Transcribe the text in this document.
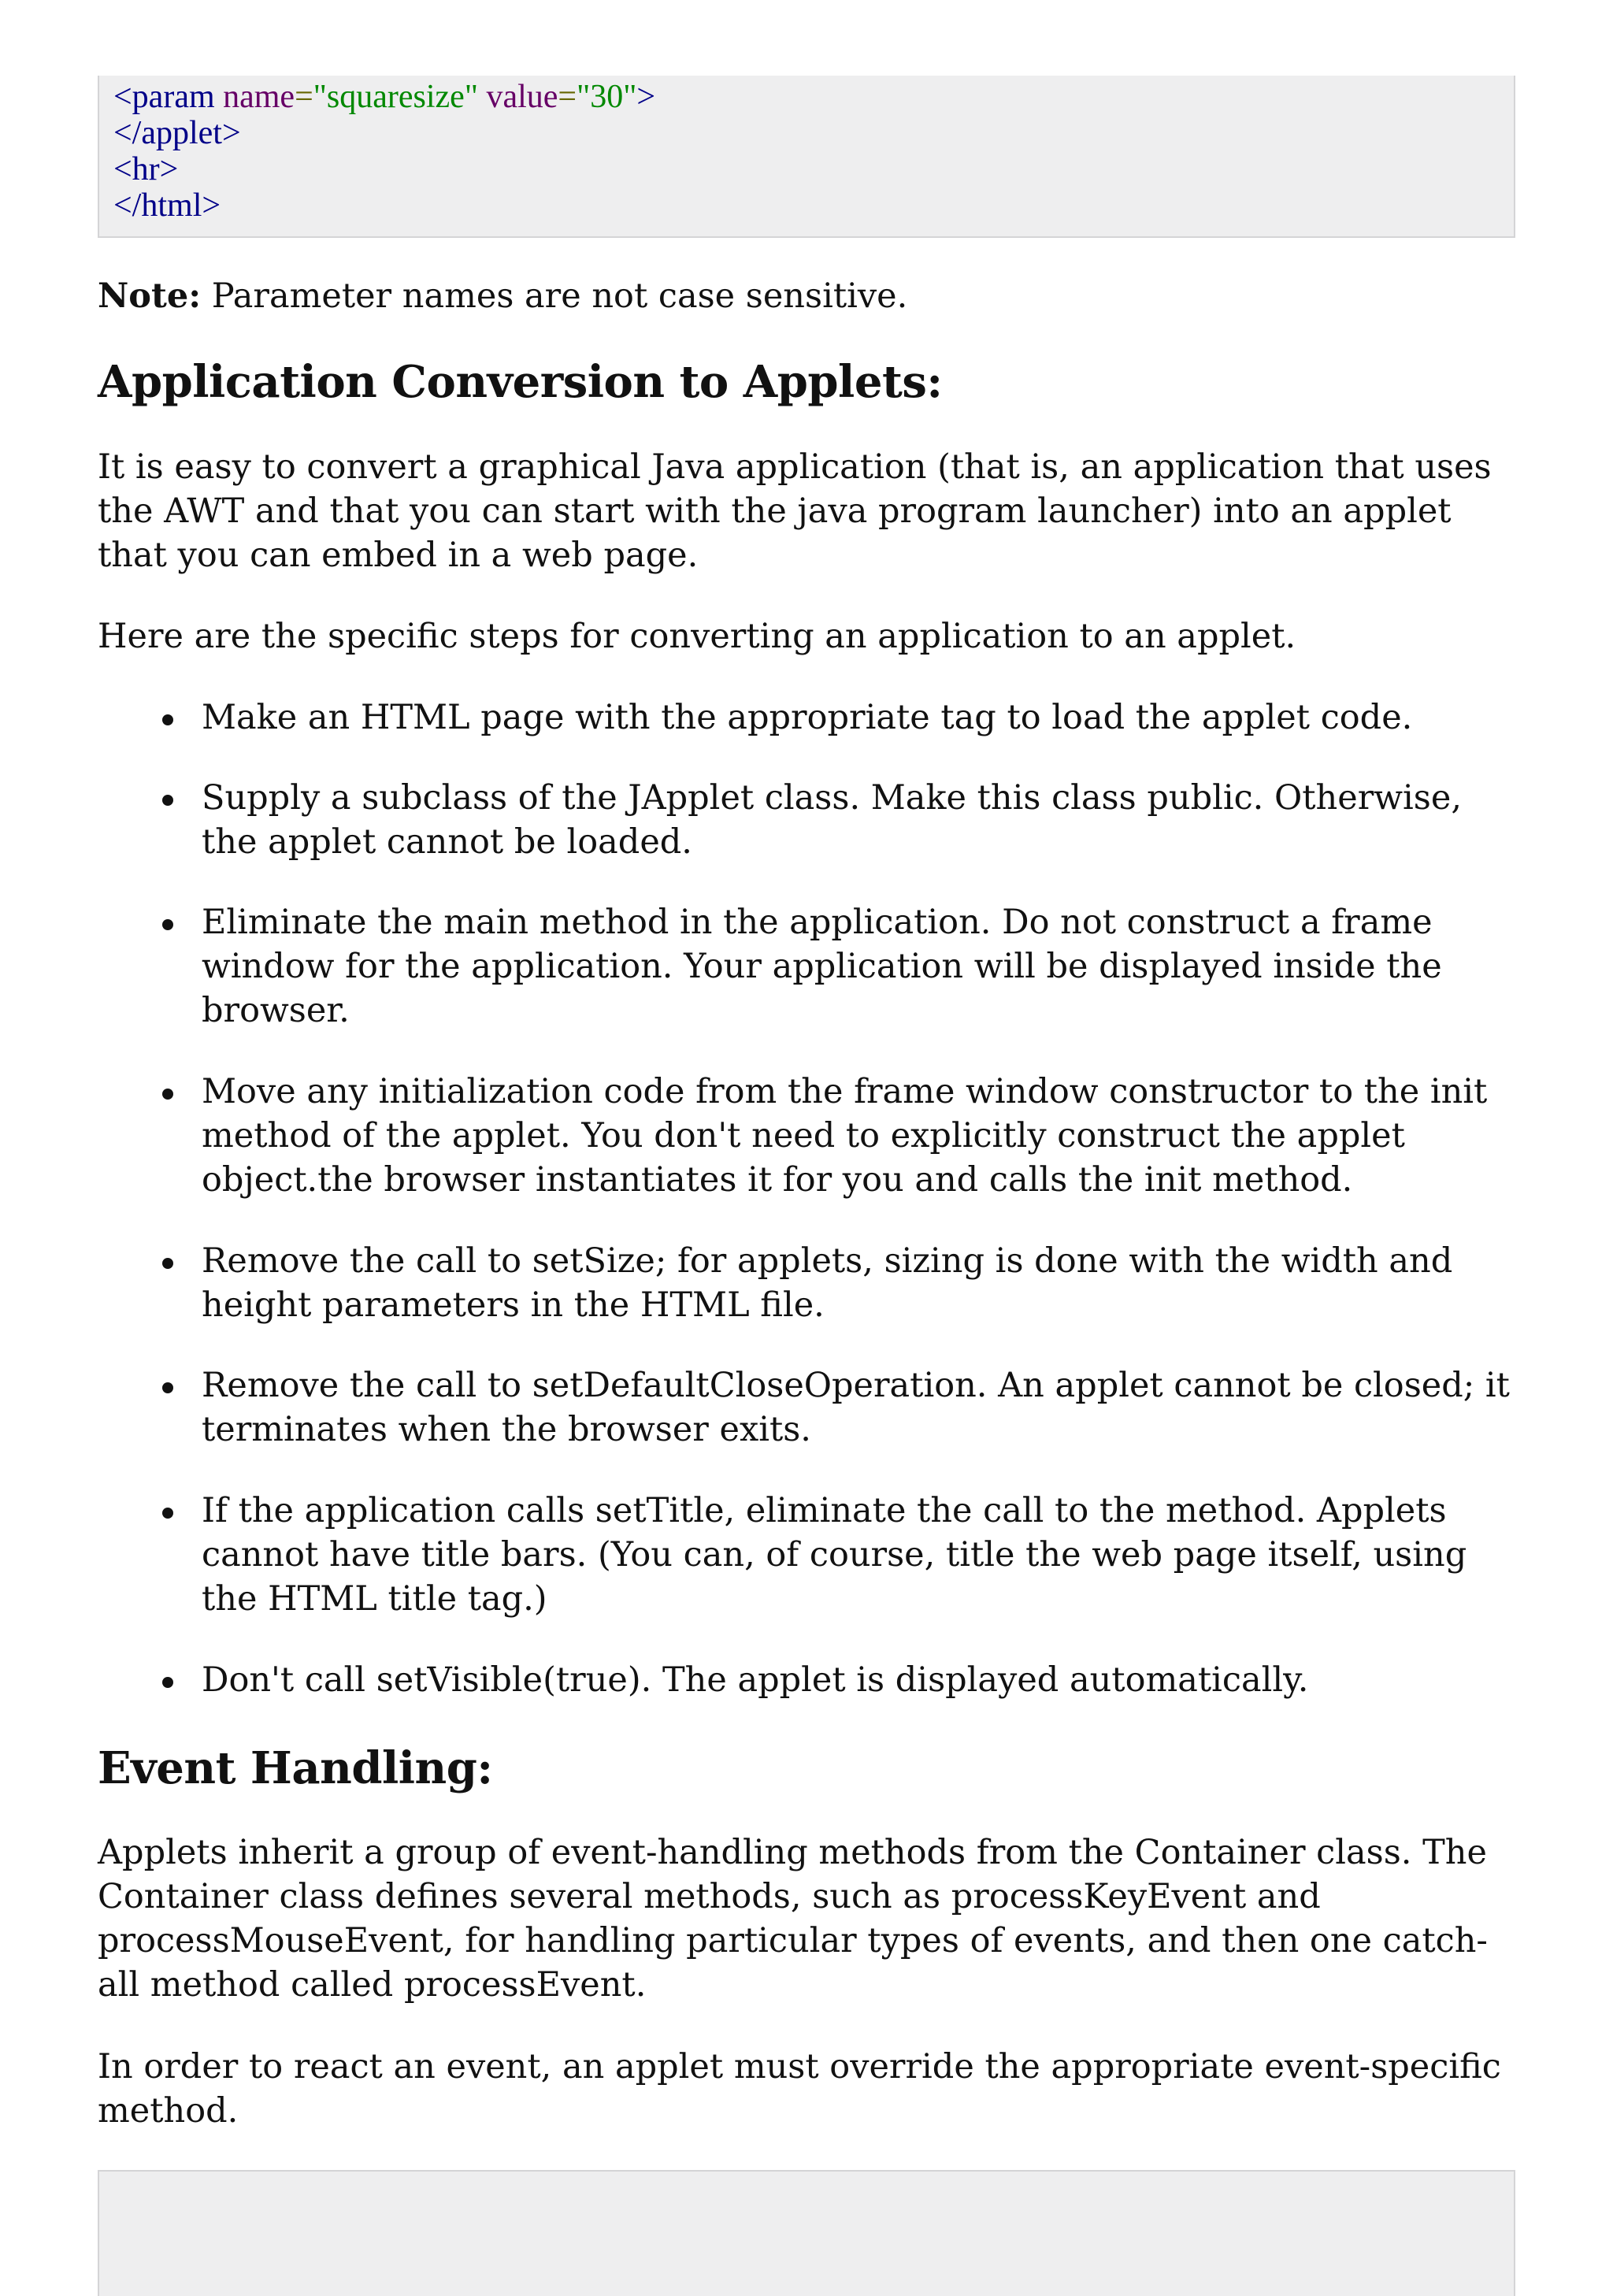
<param name="squaresize" value="30">
</applet>
<hr>
</html>
Note: Parameter names are not case sensitive.
Application Conversion to Applets:
It is easy to convert a graphical Java application (that is, an application that uses the AWT and that you can start with the java program launcher) into an applet that you can embed in a web page.
Here are the specific steps for converting an application to an applet.
Make an HTML page with the appropriate tag to load the applet code.
Supply a subclass of the JApplet class. Make this class public. Otherwise, the applet cannot be loaded.
Eliminate the main method in the application. Do not construct a frame window for the application. Your application will be displayed inside the browser.
Move any initialization code from the frame window constructor to the init method of the applet. You don't need to explicitly construct the applet object.the browser instantiates it for you and calls the init method.
Remove the call to setSize; for applets, sizing is done with the width and height parameters in the HTML file.
Remove the call to setDefaultCloseOperation. An applet cannot be closed; it terminates when the browser exits.
If the application calls setTitle, eliminate the call to the method. Applets cannot have title bars. (You can, of course, title the web page itself, using the HTML title tag.)
Don't call setVisible(true). The applet is displayed automatically.
Event Handling:
Applets inherit a group of event-handling methods from the Container class. The Container class defines several methods, such as processKeyEvent and processMouseEvent, for handling particular types of events, and then one catch-all method called processEvent.
In order to react an event, an applet must override the appropriate event-specific method.
